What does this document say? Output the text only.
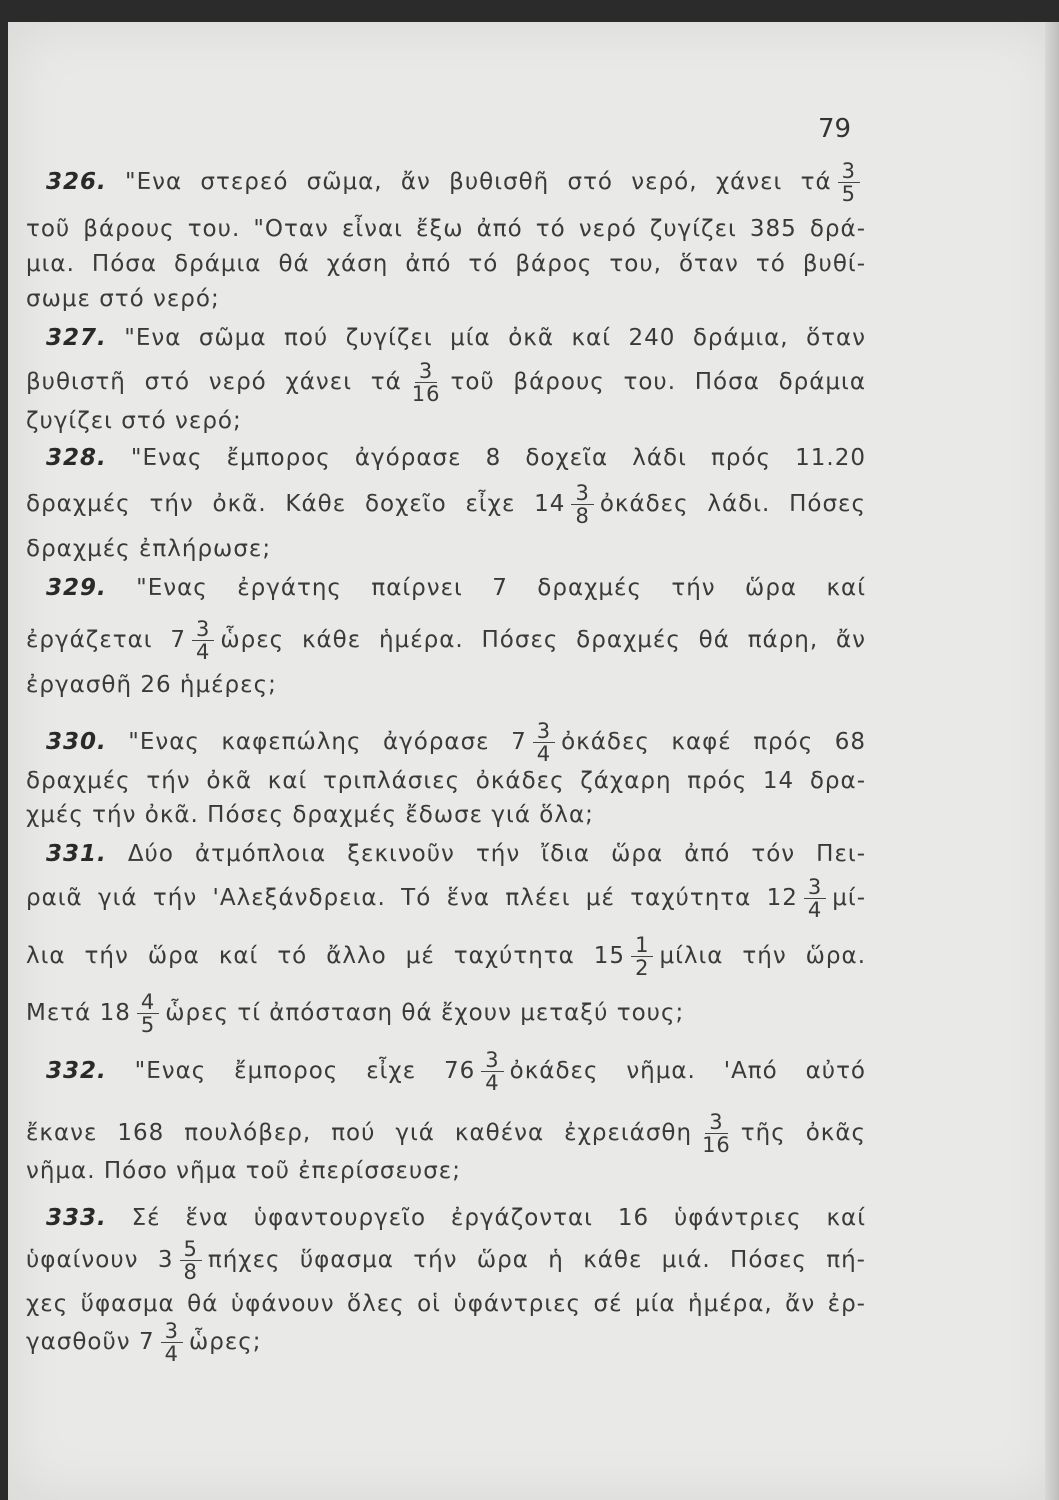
79
326. "Ενα στερεό σῶμα, ἄν βυθισθῆ στό νερό, χάνει τά $\frac{3}{5}$
τοῦ βάρους του. "Οταν εἶναι ἔξω ἀπό τό νερό ζυγίζει 385 δρά-
μια. Πόσα δράμια θά χάση ἀπό τό βάρος του, ὅταν τό βυθί-
σωμε στό νερό;
327. "Ενα σῶμα πού ζυγίζει μία ὀκᾶ καί 240 δράμια, ὅταν
βυθιστῆ στό νερό χάνει τά $\frac{3}{16}$ τοῦ βάρους του. Πόσα δράμια
ζυγίζει στό νερό;
328. "Ενας ἔμπορος ἀγόρασε 8 δοχεῖα λάδι πρός 11.20
δραχμές τήν ὀκᾶ. Κάθε δοχεῖο εἶχε $14 \frac{3}{8}$ ὀκάδες λάδι. Πόσες
δραχμές ἐπλήρωσε;
329. "Ενας ἐργάτης παίρνει 7 δραχμές τήν ὥρα καί
ἐργάζεται $7 \frac{3}{4}$ ὧρες κάθε ἡμέρα. Πόσες δραχμές θά πάρη, ἄν
ἐργασθῆ 26 ἡμέρες;
330. "Ενας καφεπώλης ἀγόρασε $7 \frac{3}{4}$ ὀκάδες καφέ πρός 68
δραχμές τήν ὀκᾶ καί τριπλάσιες ὀκάδες ζάχαρη πρός 14 δρα-
χμές τήν ὀκᾶ. Πόσες δραχμές ἔδωσε γιά ὅλα;
331. Δύο ἀτμόπλοια ξεκινοῦν τήν ἴδια ὥρα ἀπό τόν Πει-
ραιᾶ γιά τήν 'Αλεξάνδρεια. Τό ἕνα πλέει μέ ταχύτητα $12 \frac{3}{4} \mu ί-$
λια τήν ὥρα καί τό ἄλλο μέ ταχύτητα $15 \frac{1}{2}$ μίλια τήν ὥρα.
Μετά $18 \frac{4}{5}$ ὧρες τί ἀπόσταση θά ἔχουν μεταξύ τους;
332. "Ενας ἔμπορος εἶχε $76 \frac{3}{4}$ ὀκάδες νῆμα. 'Από αὐτό
ἔκανε 168 πουλόβερ, πού γιά καθένα ἐχρειάσθη $\frac{3}{16}$ τῆς ὀκᾶς
νῆμα. Πόσο νῆμα τοῦ ἐπερίσσευσε;
333. Σέ ἕνα ὑφαντουργεῖο ἐργάζονται 16 ὑφάντριες καί
ὑφαίνουν $3 \frac{5}{8}$ πήχες ὕφασμα τήν ὥρα ἡ κάθε μιά. Πόσες πή-
χες ὕφασμα θά ὑφάνουν ὅλες οἱ ὑφάντριες σέ μία ἡμέρα, ἄν ἐρ-
γασθοῦν $7 \frac{3}{4}$ ὧρες;
